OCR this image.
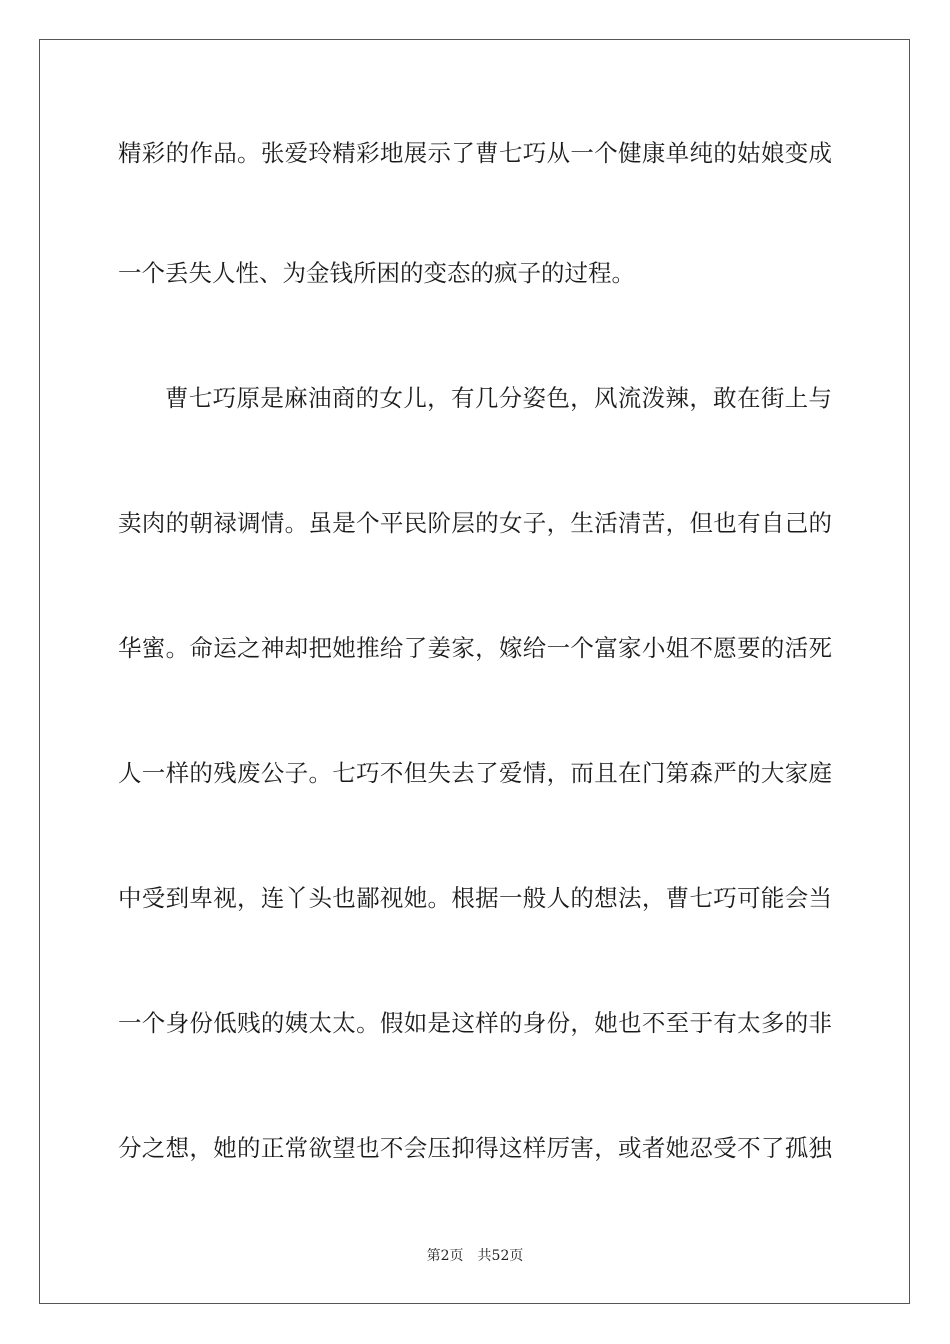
精彩的作品。张爱玲精彩地展示了曹七巧从一个健康单纯的姑娘变成
一个丢失人性、为金钱所困的变态的疯子的过程。
曹七巧原是麻油商的女儿，有几分姿色，风流泼辣，敢在街上与
卖肉的朝禄调情。虽是个平民阶层的女子，生活清苦，但也有自己的
华蜜。命运之神却把她推给了姜家，嫁给一个富家小姐不愿要的活死
人一样的残废公子。七巧不但失去了爱情，而且在门第森严的大家庭
中受到卑视，连丫头也鄙视她。根据一般人的想法，曹七巧可能会当
一个身份低贱的姨太太。假如是这样的身份，她也不至于有太多的非
分之想，她的正常欲望也不会压抑得这样厉害，或者她忍受不了孤独
第2页 共52页
